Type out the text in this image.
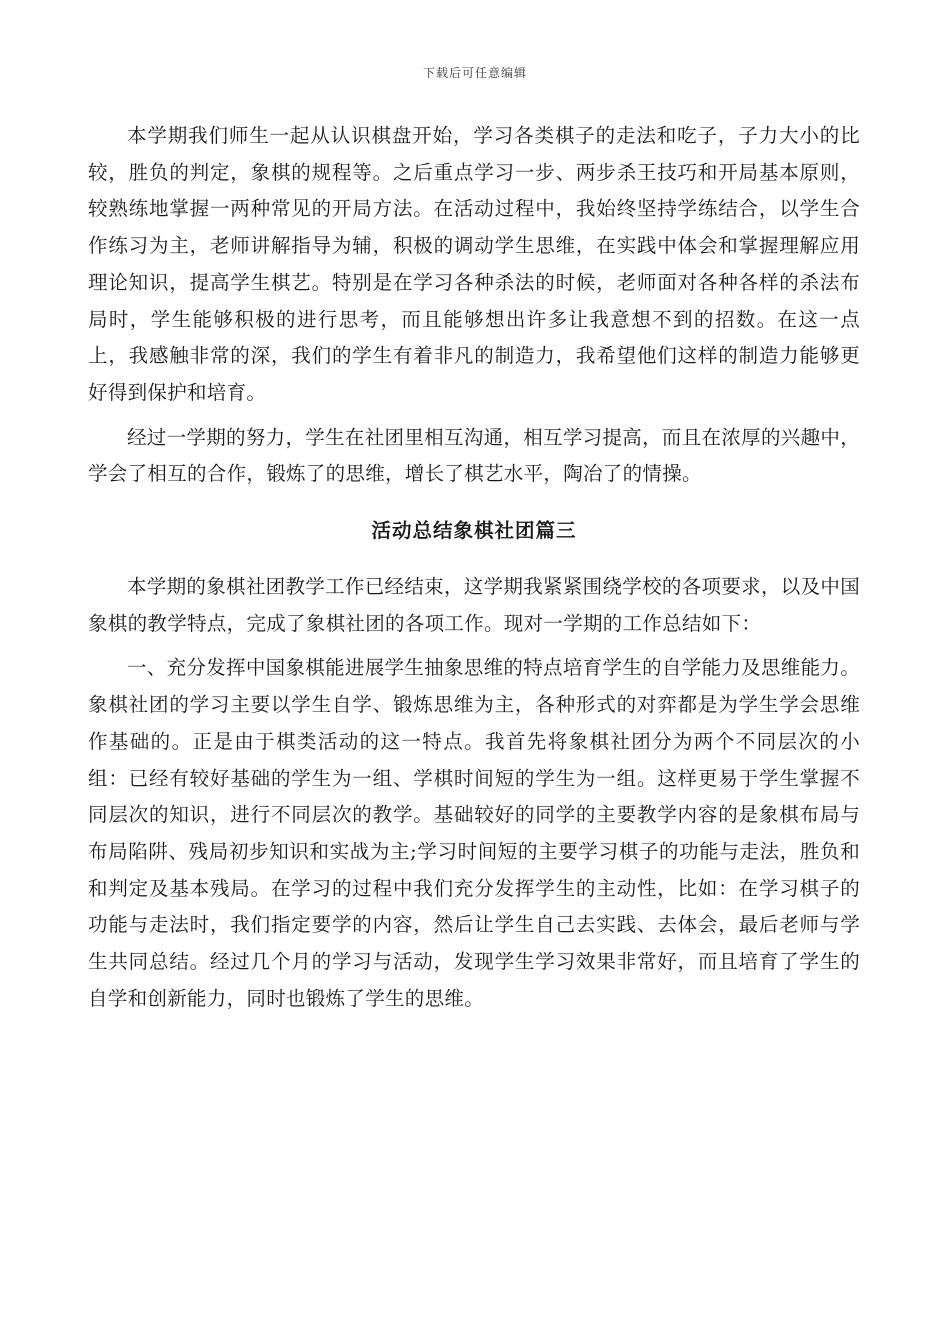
下载后可任意编辑

本学期我们师生一起从认识棋盘开始，学习各类棋子的走法和吃子，子力大小的比较，胜负的判定，象棋的规程等。之后重点学习一步、两步杀王技巧和开局基本原则，较熟练地掌握一两种常见的开局方法。在活动过程中，我始终坚持学练结合，以学生合作练习为主，老师讲解指导为辅，积极的调动学生思维，在实践中体会和掌握理解应用理论知识，提高学生棋艺。特别是在学习各种杀法的时候，老师面对各种各样的杀法布局时，学生能够积极的进行思考，而且能够想出许多让我意想不到的招数。在这一点上，我感触非常的深，我们的学生有着非凡的制造力，我希望他们这样的制造力能够更好得到保护和培育。

经过一学期的努力，学生在社团里相互沟通，相互学习提高，而且在浓厚的兴趣中，学会了相互的合作，锻炼了的思维，增长了棋艺水平，陶冶了的情操。

活动总结象棋社团篇三

本学期的象棋社团教学工作已经结束，这学期我紧紧围绕学校的各项要求，以及中国象棋的教学特点，完成了象棋社团的各项工作。现对一学期的工作总结如下：

一、充分发挥中国象棋能进展学生抽象思维的特点培育学生的自学能力及思维能力。象棋社团的学习主要以学生自学、锻炼思维为主，各种形式的对弈都是为学生学会思维作基础的。正是由于棋类活动的这一特点。我首先将象棋社团分为两个不同层次的小组：已经有较好基础的学生为一组、学棋时间短的学生为一组。这样更易于学生掌握不同层次的知识，进行不同层次的教学。基础较好的同学的主要教学内容的是象棋布局与布局陷阱、残局初步知识和实战为主;学习时间短的主要学习棋子的功能与走法，胜负和和判定及基本残局。在学习的过程中我们充分发挥学生的主动性，比如：在学习棋子的功能与走法时，我们指定要学的内容，然后让学生自己去实践、去体会，最后老师与学生共同总结。经过几个月的学习与活动，发现学生学习效果非常好，而且培育了学生的自学和创新能力，同时也锻炼了学生的思维。
